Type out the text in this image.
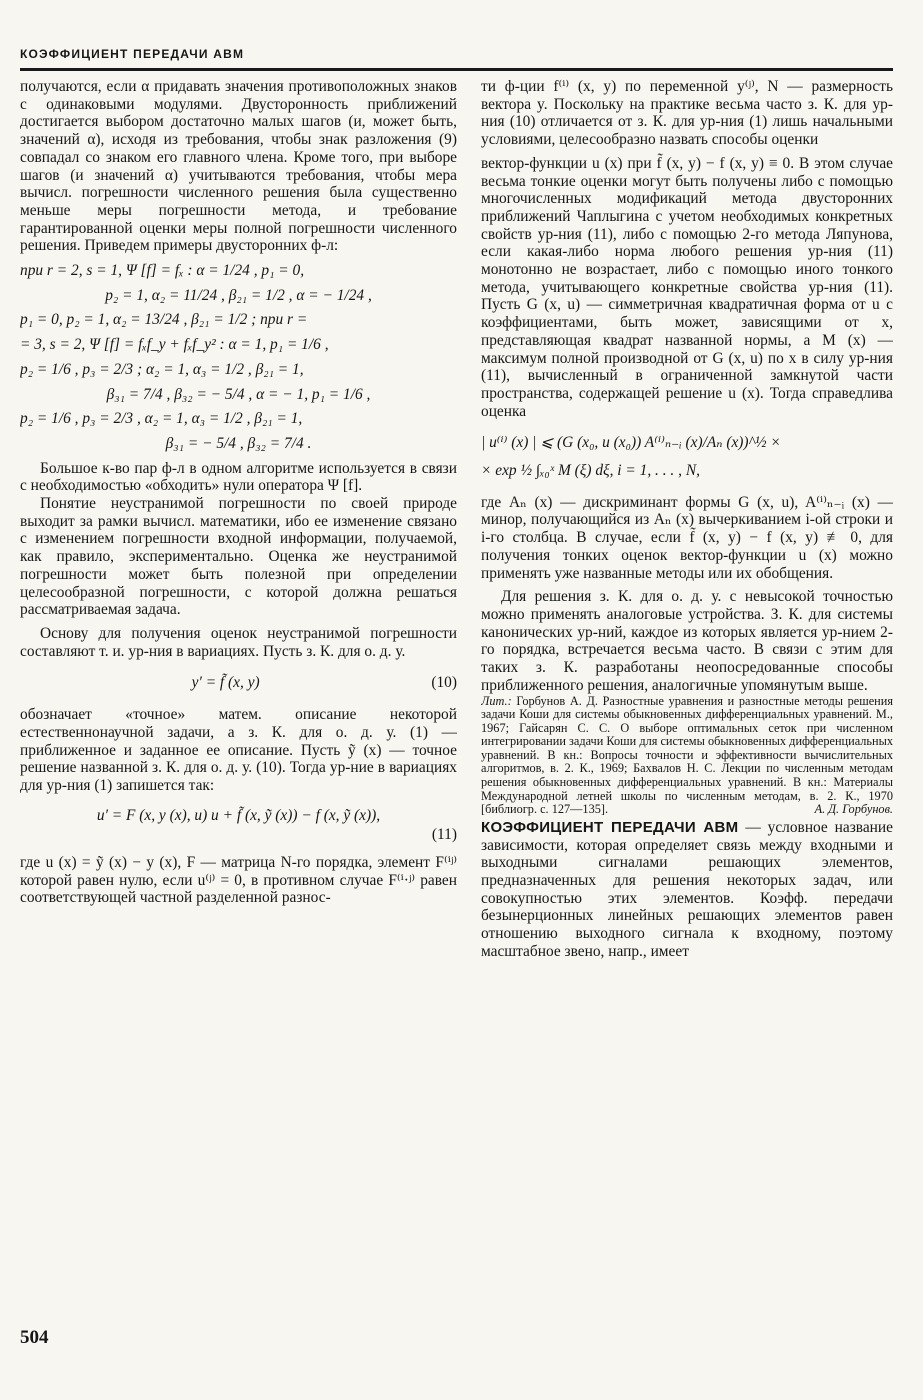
КОЭФФИЦИЕНТ ПЕРЕДАЧИ АВМ

получаются, если α придавать значения противоположных знаков с одинаковыми модулями. Двусторонность приближений достигается выбором достаточно малых шагов (и, может быть, значений α), исходя из требования, чтобы знак разложения (9) совпадал со знаком его главного члена. Кроме того, при выборе шагов (и значений α) учитываются требования, чтобы мера вычисл. погрешности численного решения была существенно меньше меры погрешности метода, и требование гарантированной оценки меры полной погрешности численного решения. Приведем примеры двусторонних ф-л:

при r = 2, s = 1, Ψ [f] = fₓ : α = 1/24 , p₁ = 0,
p₂ = 1, α₂ = 11/24 , β₂₁ = 1/2 , α = − 1/24 ,
p₁ = 0, p₂ = 1, α₂ = 13/24 , β₂₁ = 1/2 ; при r =
= 3, s = 2, Ψ [f] = fₓf_y + fₓf_y² : α = 1, p₁ = 1/6 ,
p₂ = 1/6 , p₃ = 2/3 ; α₂ = 1, α₃ = 1/2 , β₂₁ = 1,
β₃₁ = 7/4 , β₃₂ = − 5/4 , α = − 1, p₁ = 1/6 ,
p₂ = 1/6 , p₃ = 2/3 , α₂ = 1, α₃ = 1/2 , β₂₁ = 1,
β₃₁ = − 5/4 , β₃₂ = 7/4 .

Большое к-во пар ф-л в одном алгоритме используется в связи с необходимостью «обходить» нули оператора Ψ [f].

Понятие неустранимой погрешности по своей природе выходит за рамки вычисл. математики, ибо ее изменение связано с изменением погрешности входной информации, получаемой, как правило, экспериментально. Оценка же неустранимой погрешности может быть полезной при определении целесообразной погрешности, с которой должна решаться рассматриваемая задача.

Основу для получения оценок неустранимой погрешности составляют т. и. ур-ния в вариациях. Пусть з. К. для о. д. у.

y′ = f̃ (x, y)	(10)

обозначает «точное» матем. описание некоторой естественнонаучной задачи, а з. К. для о. д. у. (1) — приближенное и заданное ее описание. Пусть ỹ (x) — точное решение названной з. К. для о. д. у. (10). Тогда ур-ние в вариациях для ур-ния (1) запишется так:

u′ = F (x, y (x), u) u + f̃ (x, ỹ (x)) − f (x, ỹ (x)),
(11)

где u (x) = ỹ (x) − y (x), F — матрица N-го порядка, элемент F⁽ⁱʲ⁾ которой равен нулю, если u⁽ʲ⁾ = 0, в противном случае F⁽ⁱ·ʲ⁾ равен соответствующей частной разделенной разнос-

ти ф-ции f⁽ⁱ⁾ (x, y) по переменной y⁽ʲ⁾, N — размерность вектора y. Поскольку на практике весьма часто з. К. для ур-ния (10) отличается от з. К. для ур-ния (1) лишь начальными условиями, целесообразно назвать способы оценки

вектор-функции u (x) при f̃ (x, y) − f (x, y) ≡ 0. В этом случае весьма тонкие оценки могут быть получены либо с помощью многочисленных модификаций метода двусторонних приближений Чаплыгина с учетом необходимых конкретных свойств ур-ния (11), либо с помощью 2-го метода Ляпунова, если какая-либо норма любого решения ур-ния (11) монотонно не возрастает, либо с помощью иного тонкого метода, учитывающего конкретные свойства ур-ния (11). Пусть G (x, u) — симметричная квадратичная форма от u с коэффициентами, быть может, зависящими от x, представляющая квадрат названной нормы, а M (x) — максимум полной производной от G (x, u) по x в силу ур-ния (11), вычисленный в ограниченной замкнутой части пространства, содержащей решение u (x). Тогда справедлива оценка

| u⁽ⁱ⁾ (x) | ⩽ (G (x₀, u (x₀)) A⁽ⁱ⁾ₙ₋ᵢ (x)/Aₙ (x))^½ ×
× exp ½ ∫ₓ₀ˣ M (ξ) dξ, i = 1, . . . , N,

где Aₙ (x) — дискриминант формы G (x, u), A⁽ⁱ⁾ₙ₋ᵢ (x) — минор, получающийся из Aₙ (x) вычеркиванием i-ой строки и i-го столбца. В случае, если f̃ (x, y) − f (x, y) ≢ 0, для получения тонких оценок вектор-функции u (x) можно применять уже названные методы или их обобщения.

Для решения з. К. для о. д. у. с невысокой точностью можно применять аналоговые устройства. З. К. для системы канонических ур-ний, каждое из которых является ур-нием 2-го порядка, встречается весьма часто. В связи с этим для таких з. К. разработаны неопосредованные способы приближенного решения, аналогичные упомянутым выше.

Лит.: Горбунов А. Д. Разностные уравнения и разностные методы решения задачи Коши для системы обыкновенных дифференциальных уравнений. М., 1967; Гайсарян С. С. О выборе оптимальных сеток при численном интегрировании задачи Коши для системы обыкновенных дифференциальных уравнений. В кн.: Вопросы точности и эффективности вычислительных алгоритмов, в. 2. К., 1969; Бахвалов Н. С. Лекции по численным методам решения обыкновенных дифференциальных уравнений. В кн.: Материалы Международной летней школы по численным методам, в. 2. К., 1970 [библиогр. с. 127—135].	А. Д. Горбунов.

КОЭФФИЦИЕНТ ПЕРЕДАЧИ АВМ — условное название зависимости, которая определяет связь между входными и выходными сигналами решающих элементов, предназначенных для решения некоторых задач, или совокупностью этих элементов. Коэфф. передачи безынерционных линейных решающих элементов равен отношению выходного сигнала к входному, поэтому масштабное звено, напр., имеет

504
